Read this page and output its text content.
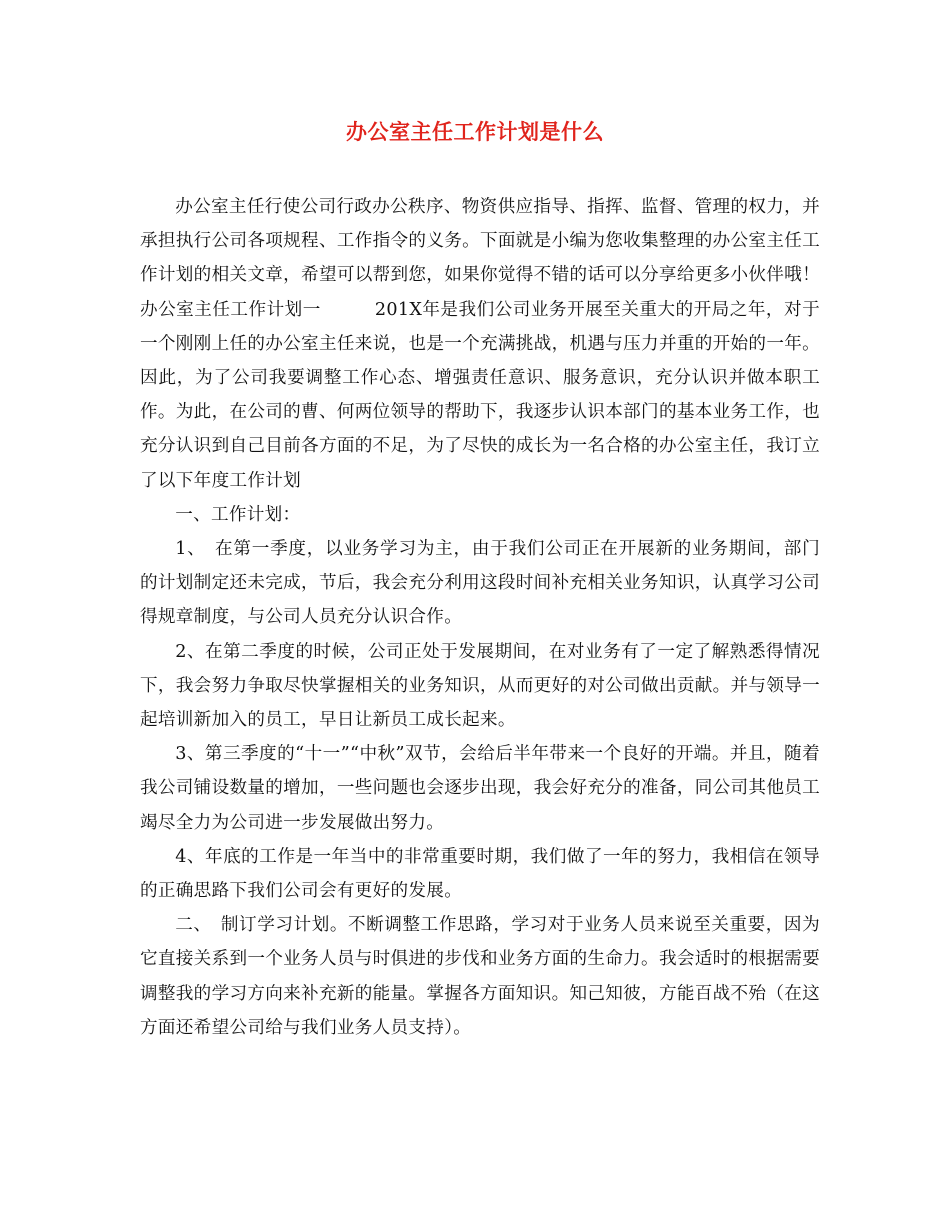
办公室主任工作计划是什么

办公室主任行使公司行政办公秩序、物资供应指导、指挥、监督、管理的权力，并承担执行公司各项规程、工作指令的义务。下面就是小编为您收集整理的办公室主任工作计划的相关文章，希望可以帮到您，如果你觉得不错的话可以分享给更多小伙伴哦！

办公室主任工作计划一	201X年是我们公司业务开展至关重大的开局之年，对于一个刚刚上任的办公室主任来说，也是一个充满挑战，机遇与压力并重的开始的一年。因此，为了公司我要调整工作心态、增强责任意识、服务意识，充分认识并做本职工作。为此，在公司的曹、何两位领导的帮助下，我逐步认识本部门的基本业务工作，也充分认识到自己目前各方面的不足，为了尽快的成长为一名合格的办公室主任，我订立了以下年度工作计划

一、工作计划：

1、　在第一季度，以业务学习为主，由于我们公司正在开展新的业务期间，部门的计划制定还未完成，节后，我会充分利用这段时间补充相关业务知识，认真学习公司得规章制度，与公司人员充分认识合作。

2、在第二季度的时候，公司正处于发展期间，在对业务有了一定了解熟悉得情况下，我会努力争取尽快掌握相关的业务知识，从而更好的对公司做出贡献。并与领导一起培训新加入的员工，早日让新员工成长起来。

3、第三季度的“十一”“中秋”双节，会给后半年带来一个良好的开端。并且，随着我公司铺设数量的增加，一些问题也会逐步出现，我会好充分的准备，同公司其他员工竭尽全力为公司进一步发展做出努力。

4、年底的工作是一年当中的非常重要时期，我们做了一年的努力，我相信在领导的正确思路下我们公司会有更好的发展。

二、　制订学习计划。不断调整工作思路，学习对于业务人员来说至关重要，因为它直接关系到一个业务人员与时俱进的步伐和业务方面的生命力。我会适时的根据需要调整我的学习方向来补充新的能量。掌握各方面知识。知己知彼，方能百战不殆（在这方面还希望公司给与我们业务人员支持）。
